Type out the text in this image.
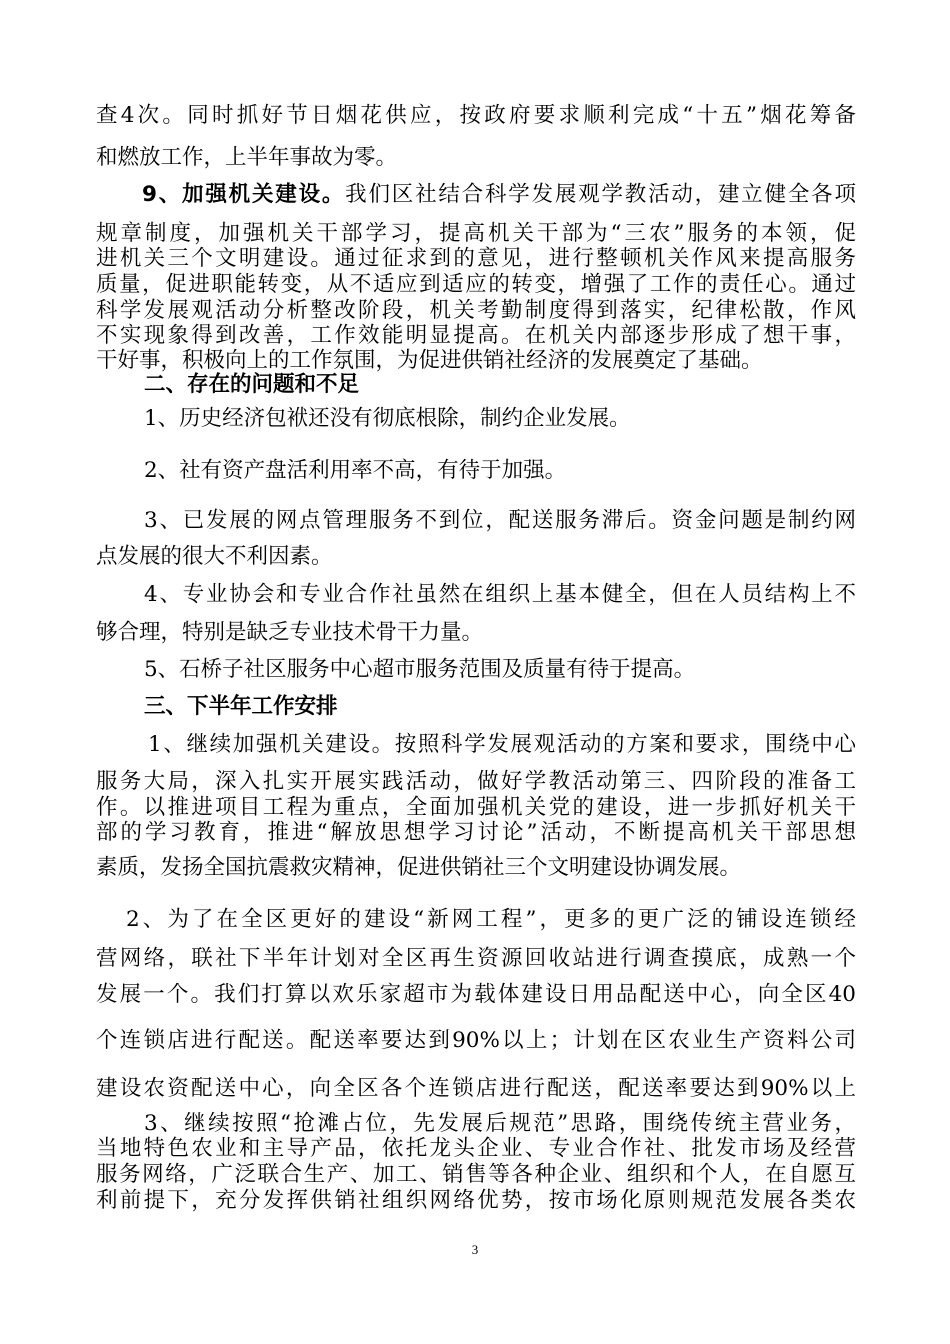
查4次。同时抓好节日烟花供应，按政府要求顺利完成“十五”烟花筹备
和燃放工作，上半年事故为零。
9、加强机关建设。我们区社结合科学发展观学教活动，建立健全各项
规章制度，加强机关干部学习，提高机关干部为“三农”服务的本领，促
进机关三个文明建设。通过征求到的意见，进行整顿机关作风来提高服务
质量，促进职能转变，从不适应到适应的转变，增强了工作的责任心。通过
科学发展观活动分析整改阶段，机关考勤制度得到落实，纪律松散，作风
不实现象得到改善，工作效能明显提高。在机关内部逐步形成了想干事，
干好事，积极向上的工作氛围，为促进供销社经济的发展奠定了基础。
二、存在的问题和不足
1、历史经济包袱还没有彻底根除，制约企业发展。
2、社有资产盘活利用率不高，有待于加强。
3、已发展的网点管理服务不到位，配送服务滞后。资金问题是制约网
点发展的很大不利因素。
4、专业协会和专业合作社虽然在组织上基本健全，但在人员结构上不
够合理，特别是缺乏专业技术骨干力量。
5、石桥子社区服务中心超市服务范围及质量有待于提高。
三、下半年工作安排
1、继续加强机关建设。按照科学发展观活动的方案和要求，围绕中心
服务大局，深入扎实开展实践活动，做好学教活动第三、四阶段的准备工
作。以推进项目工程为重点，全面加强机关党的建设，进一步抓好机关干
部的学习教育，推进“解放思想学习讨论”活动，不断提高机关干部思想
素质，发扬全国抗震救灾精神，促进供销社三个文明建设协调发展。
2、为了在全区更好的建设“新网工程”，更多的更广泛的铺设连锁经
营网络，联社下半年计划对全区再生资源回收站进行调查摸底，成熟一个
发展一个。我们打算以欢乐家超市为载体建设日用品配送中心，向全区40
个连锁店进行配送。配送率要达到90%以上；计划在区农业生产资料公司
建设农资配送中心，向全区各个连锁店进行配送，配送率要达到90%以上
3、继续按照“抢滩占位，先发展后规范”思路，围绕传统主营业务，
当地特色农业和主导产品，依托龙头企业、专业合作社、批发市场及经营
服务网络，广泛联合生产、加工、销售等各种企业、组织和个人，在自愿互
利前提下，充分发挥供销社组织网络优势，按市场化原则规范发展各类农
3
